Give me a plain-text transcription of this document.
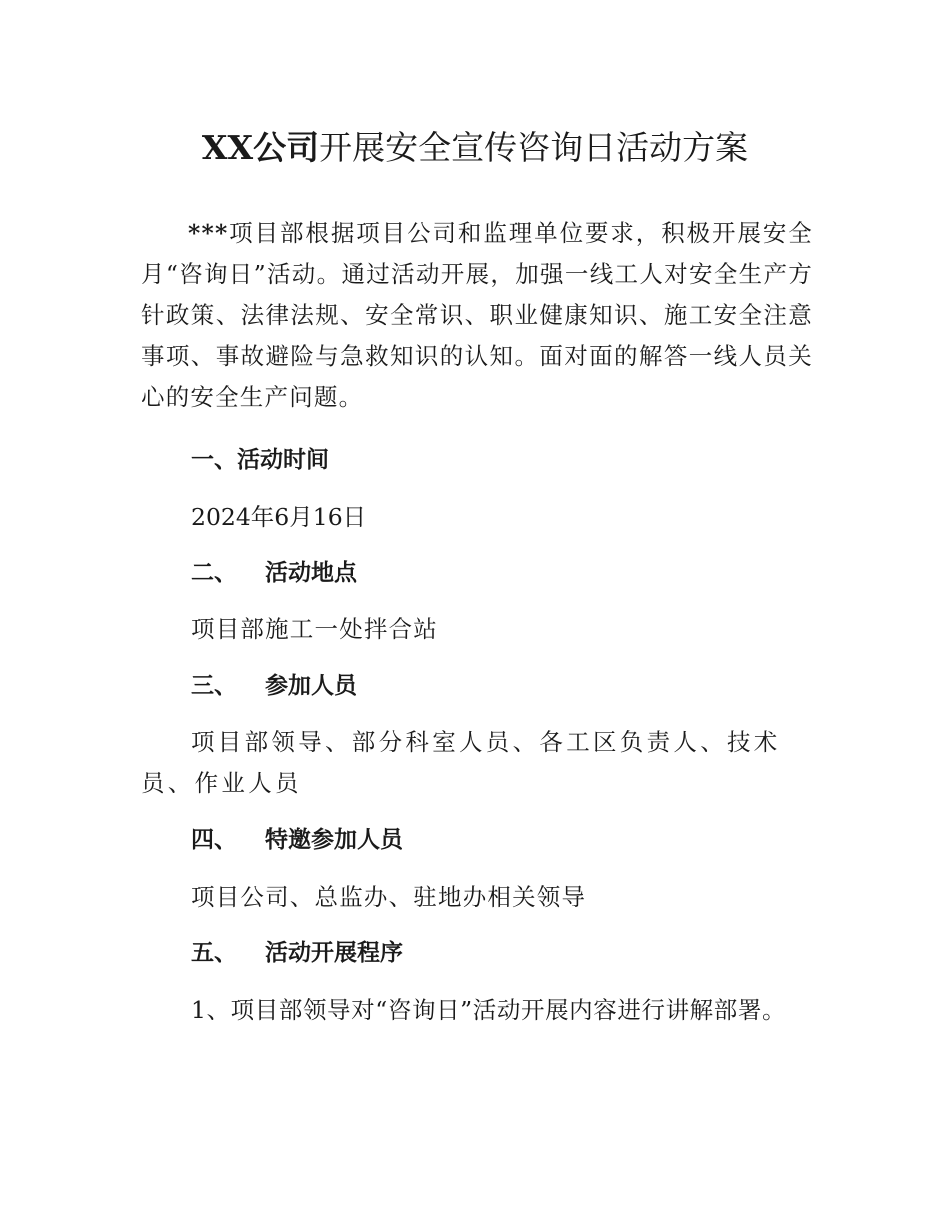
XX公司开展安全宣传咨询日活动方案

***项目部根据项目公司和监理单位要求，积极开展安全月“咨询日”活动。通过活动开展，加强一线工人对安全生产方针政策、法律法规、安全常识、职业健康知识、施工安全注意事项、事故避险与急救知识的认知。面对面的解答一线人员关心的安全生产问题。

一、活动时间

2024年6月16日

二、 活动地点

项目部施工一处拌合站

三、 参加人员

项目部领导、部分科室人员、各工区负责人、技术员、作业人员

四、 特邀参加人员

项目公司、总监办、驻地办相关领导

五、 活动开展程序

1、项目部领导对“咨询日”活动开展内容进行讲解部署。
